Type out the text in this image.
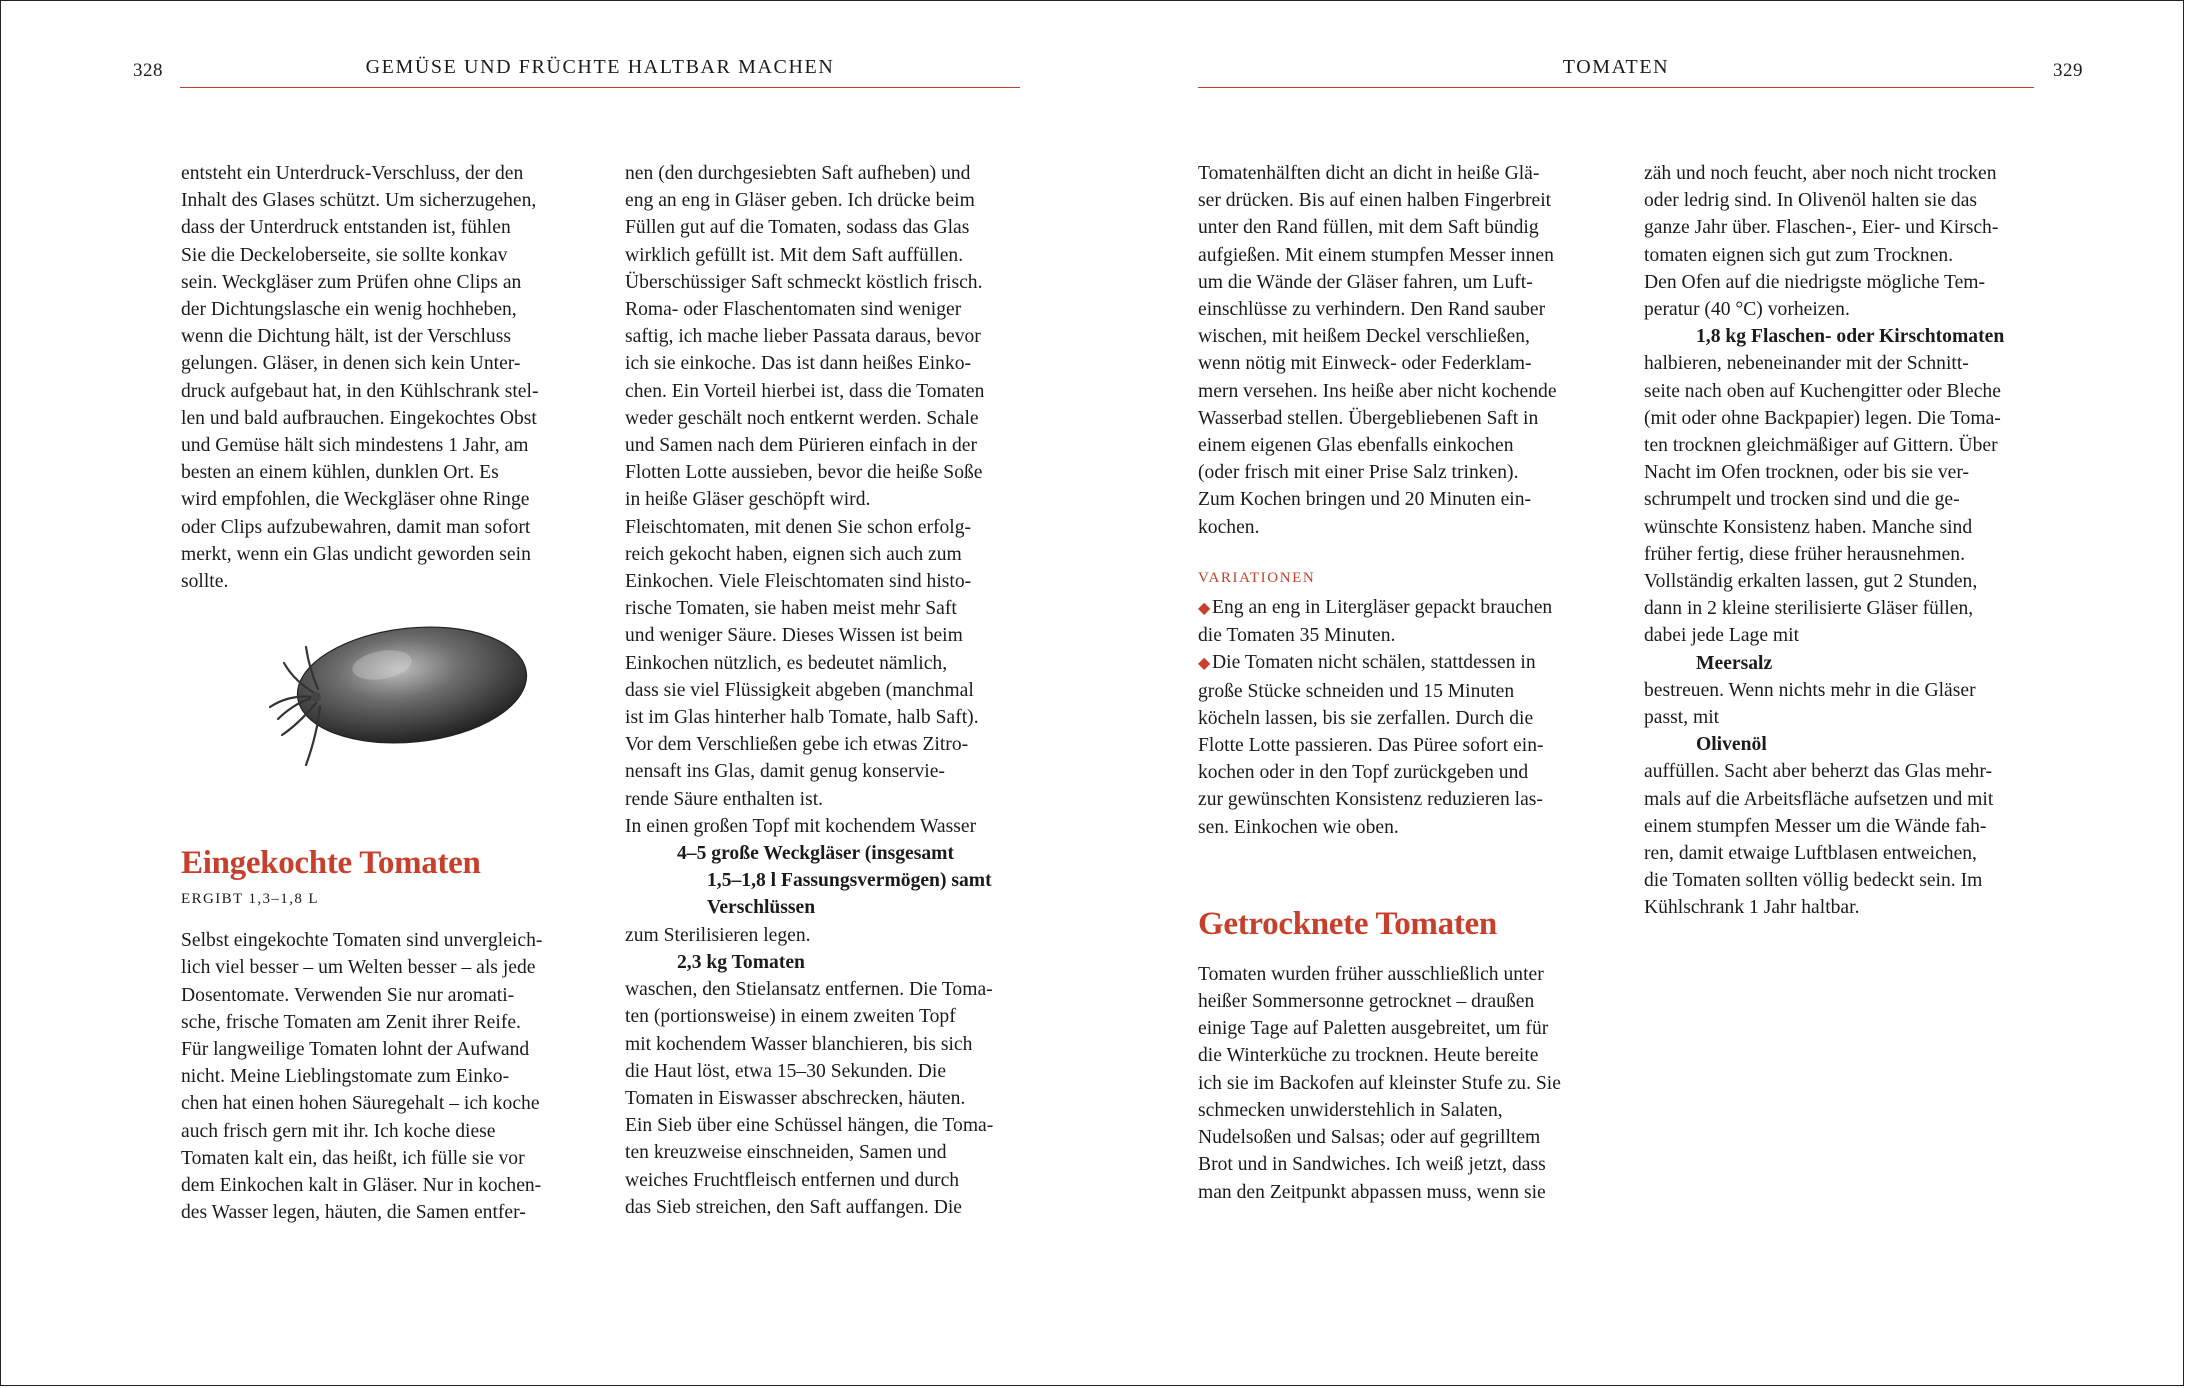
328	GEMÜSE UND FRÜCHTE HALTBAR MACHEN	TOMATEN	329

entsteht ein Unterdruck-Verschluss, der den

Inhalt des Glases schützt. Um sicherzugehen,

dass der Unterdruck entstanden ist, fühlen

Sie die Deckeloberseite, sie sollte konkav

sein. Weckgläser zum Prüfen ohne Clips an

der Dichtungslasche ein wenig hochheben,

wenn die Dichtung hält, ist der Verschluss

gelungen. Gläser, in denen sich kein Unter-

druck aufgebaut hat, in den Kühlschrank stel-

len und bald aufbrauchen. Eingekochtes Obst

und Gemüse hält sich mindestens 1 Jahr, am

besten an einem kühlen, dunklen Ort. Es

wird empfohlen, die Weckgläser ohne Ringe

oder Clips aufzubewahren, damit man sofort

merkt, wenn ein Glas undicht geworden sein

sollte.

Eingekochte Tomaten
ERGIBT 1,3–1,8 L

Selbst eingekochte Tomaten sind unvergleich-

lich viel besser – um Welten besser – als jede

Dosentomate. Verwenden Sie nur aromati-

sche, frische Tomaten am Zenit ihrer Reife.

Für langweilige Tomaten lohnt der Aufwand

nicht. Meine Lieblingstomate zum Einko-

chen hat einen hohen Säuregehalt – ich koche

auch frisch gern mit ihr. Ich koche diese

Tomaten kalt ein, das heißt, ich fülle sie vor

dem Einkochen kalt in Gläser. Nur in kochen-

des Wasser legen, häuten, die Samen entfer-

nen (den durchgesiebten Saft aufheben) und

eng an eng in Gläser geben. Ich drücke beim

Füllen gut auf die Tomaten, sodass das Glas

wirklich gefüllt ist. Mit dem Saft auffüllen.

Überschüssiger Saft schmeckt köstlich frisch.

Roma- oder Flaschentomaten sind weniger

saftig, ich mache lieber Passata daraus, bevor

ich sie einkoche. Das ist dann heißes Einko-

chen. Ein Vorteil hierbei ist, dass die Tomaten

weder geschält noch entkernt werden. Schale

und Samen nach dem Pürieren einfach in der

Flotten Lotte aussieben, bevor die heiße Soße

in heiße Gläser geschöpft wird.

Fleischtomaten, mit denen Sie schon erfolg-

reich gekocht haben, eignen sich auch zum

Einkochen. Viele Fleischtomaten sind histo-

rische Tomaten, sie haben meist mehr Saft

und weniger Säure. Dieses Wissen ist beim

Einkochen nützlich, es bedeutet nämlich,

dass sie viel Flüssigkeit abgeben (manchmal

ist im Glas hinterher halb Tomate, halb Saft).

Vor dem Verschließen gebe ich etwas Zitro-

nensaft ins Glas, damit genug konservie-

rende Säure enthalten ist.

In einen großen Topf mit kochendem Wasser

4–5 große Weckgläser (insgesamt

1,5–1,8 l Fassungsvermögen) samt

Verschlüssen

zum Sterilisieren legen.

2,3 kg Tomaten

waschen, den Stielansatz entfernen. Die Toma-

ten (portionsweise) in einem zweiten Topf

mit kochendem Wasser blanchieren, bis sich

die Haut löst, etwa 15–30 Sekunden. Die

Tomaten in Eiswasser abschrecken, häuten.

Ein Sieb über eine Schüssel hängen, die Toma-

ten kreuzweise einschneiden, Samen und

weiches Fruchtfleisch entfernen und durch

das Sieb streichen, den Saft auffangen. Die

Tomatenhälften dicht an dicht in heiße Glä-

ser drücken. Bis auf einen halben Fingerbreit

unter den Rand füllen, mit dem Saft bündig

aufgießen. Mit einem stumpfen Messer innen

um die Wände der Gläser fahren, um Luft-

einschlüsse zu verhindern. Den Rand sauber

wischen, mit heißem Deckel verschließen,

wenn nötig mit Einweck- oder Federklam-

mern versehen. Ins heiße aber nicht kochende

Wasserbad stellen. Übergebliebenen Saft in

einem eigenen Glas ebenfalls einkochen

(oder frisch mit einer Prise Salz trinken).

Zum Kochen bringen und 20 Minuten ein-

kochen.

VARIATIONEN

◆Eng an eng in Litergläser gepackt brauchen

die Tomaten 35 Minuten.

◆Die Tomaten nicht schälen, stattdessen in

große Stücke schneiden und 15 Minuten

köcheln lassen, bis sie zerfallen. Durch die

Flotte Lotte passieren. Das Püree sofort ein-

kochen oder in den Topf zurückgeben und

zur gewünschten Konsistenz reduzieren las-

sen. Einkochen wie oben.

Getrocknete Tomaten

Tomaten wurden früher ausschließlich unter

heißer Sommersonne getrocknet – draußen

einige Tage auf Paletten ausgebreitet, um für

die Winterküche zu trocknen. Heute bereite

ich sie im Backofen auf kleinster Stufe zu. Sie

schmecken unwiderstehlich in Salaten,

Nudelsoßen und Salsas; oder auf gegrilltem

Brot und in Sandwiches. Ich weiß jetzt, dass

man den Zeitpunkt abpassen muss, wenn sie

zäh und noch feucht, aber noch nicht trocken

oder ledrig sind. In Olivenöl halten sie das

ganze Jahr über. Flaschen-, Eier- und Kirsch-

tomaten eignen sich gut zum Trocknen.

Den Ofen auf die niedrigste mögliche Tem-

peratur (40 °C) vorheizen.

1,8 kg Flaschen- oder Kirschtomaten

halbieren, nebeneinander mit der Schnitt-

seite nach oben auf Kuchengitter oder Bleche

(mit oder ohne Backpapier) legen. Die Toma-

ten trocknen gleichmäßiger auf Gittern. Über

Nacht im Ofen trocknen, oder bis sie ver-

schrumpelt und trocken sind und die ge-

wünschte Konsistenz haben. Manche sind

früher fertig, diese früher herausnehmen.

Vollständig erkalten lassen, gut 2 Stunden,

dann in 2 kleine sterilisierte Gläser füllen,

dabei jede Lage mit

Meersalz

bestreuen. Wenn nichts mehr in die Gläser

passt, mit

Olivenöl

auffüllen. Sacht aber beherzt das Glas mehr-

mals auf die Arbeitsfläche aufsetzen und mit

einem stumpfen Messer um die Wände fah-

ren, damit etwaige Luftblasen entweichen,

die Tomaten sollten völlig bedeckt sein. Im

Kühlschrank 1 Jahr haltbar.
